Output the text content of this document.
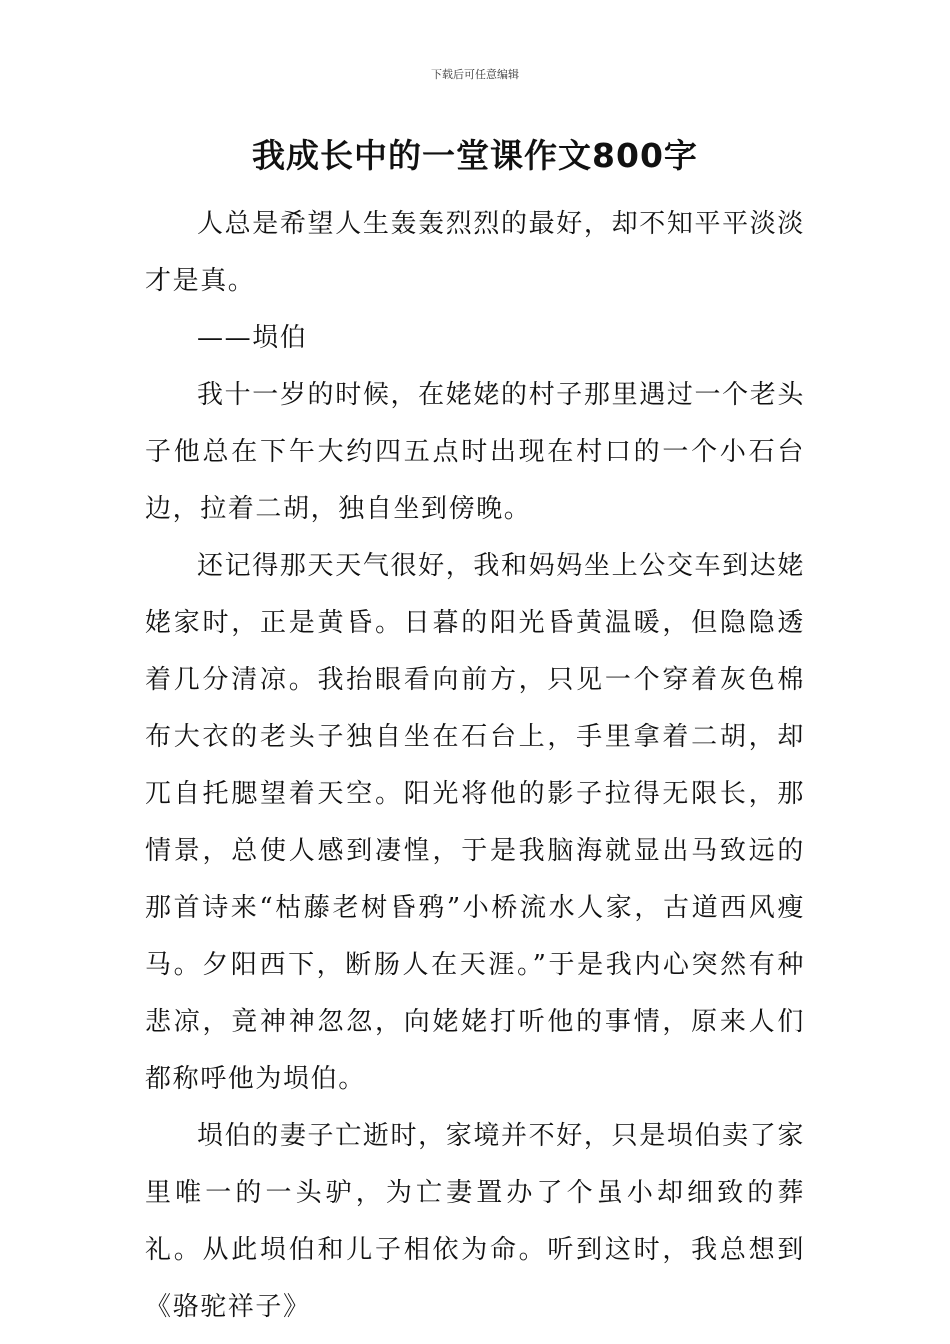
下载后可任意编辑
我成长中的一堂课作文800字

人总是希望人生轰轰烈烈的最好，却不知平平淡淡才是真。

——埙伯

我十一岁的时候，在姥姥的村子那里遇过一个老头子他总在下午大约四五点时出现在村口的一个小石台边，拉着二胡，独自坐到傍晚。

还记得那天天气很好，我和妈妈坐上公交车到达姥姥家时，正是黄昏。日暮的阳光昏黄温暖，但隐隐透着几分清凉。我抬眼看向前方，只见一个穿着灰色棉布大衣的老头子独自坐在石台上，手里拿着二胡，却兀自托腮望着天空。阳光将他的影子拉得无限长，那情景，总使人感到凄惶，于是我脑海就显出马致远的那首诗来“枯藤老树昏鸦”小桥流水人家，古道西风瘦马。夕阳西下，断肠人在天涯。”于是我内心突然有种悲凉，竟神神忽忽，向姥姥打听他的事情，原来人们都称呼他为埙伯。

埙伯的妻子亡逝时，家境并不好，只是埙伯卖了家里唯一的一头驴，为亡妻置办了个虽小却细致的葬礼。从此埙伯和儿子相依为命。听到这时，我总想到《骆驼祥子》
